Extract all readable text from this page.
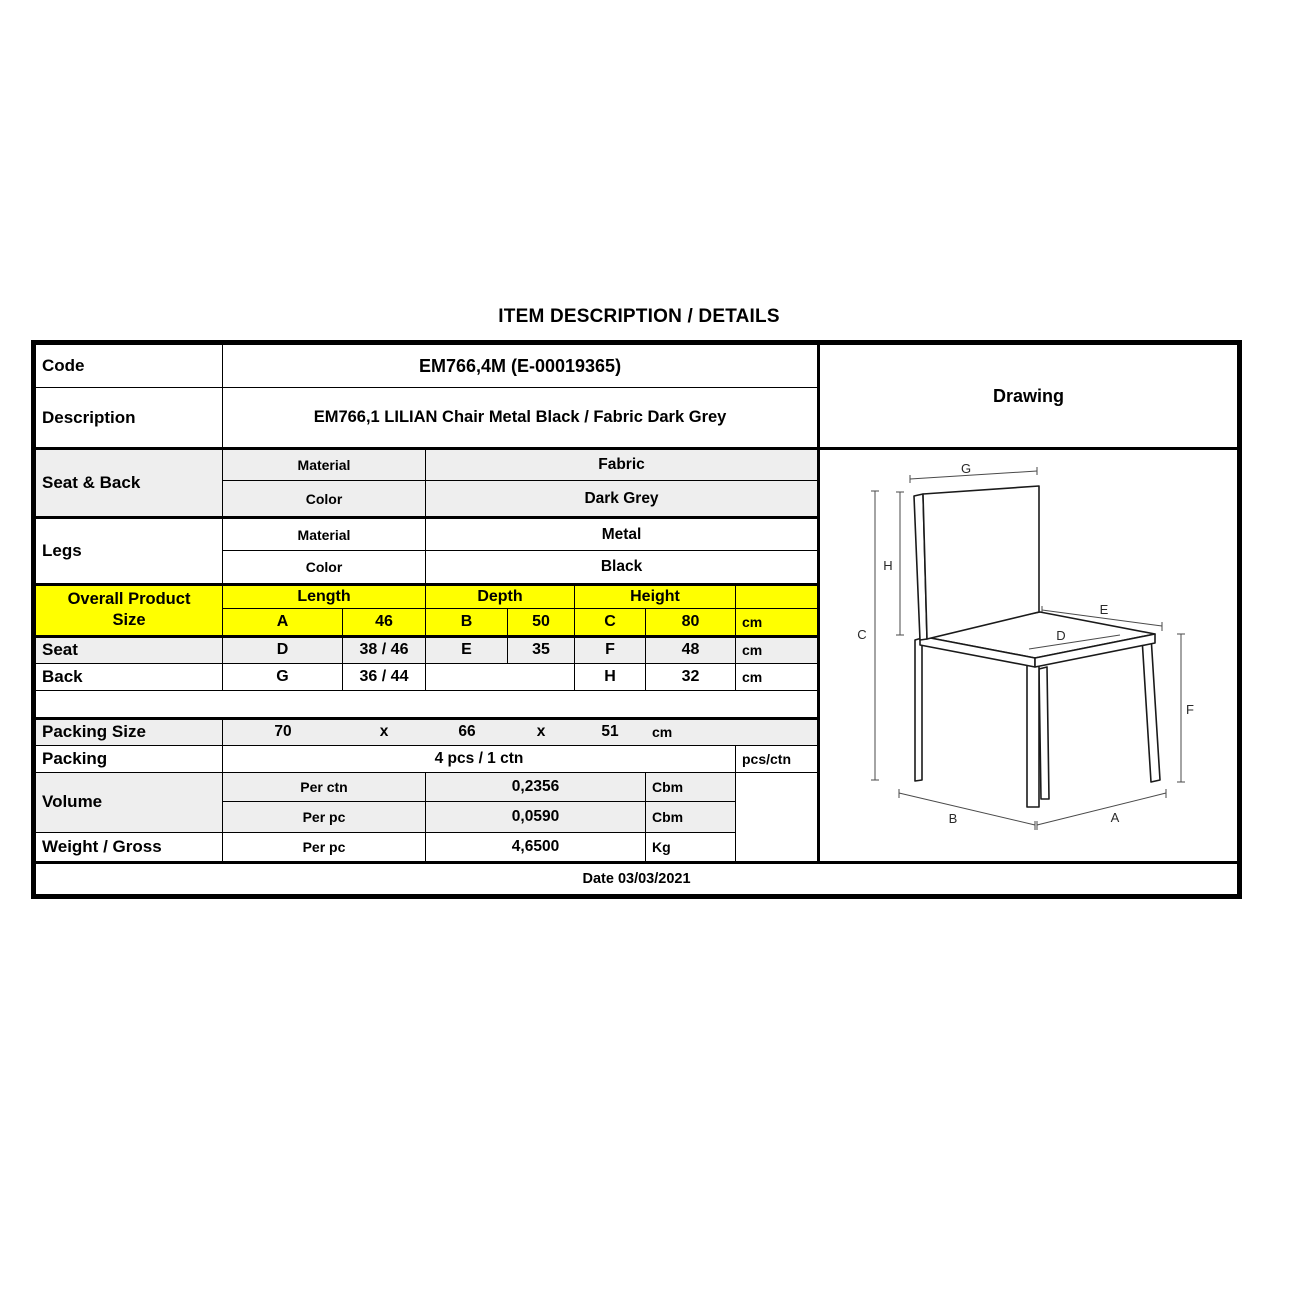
ITEM DESCRIPTION / DETAILS
Code	EM766,4M (E-00019365)							Drawing
Description	EM766,1 LILIAN Chair Metal Black / Fabric Dark Grey							
Seat & Back	Material	Fabric	G
H
C
E
D
F
B	A

	Color		Dark Grey					
Legs	Material		Metal					
	Color		Black					
Overall Product
Size	Length		Depth		Height			
	A	46	B	50	C	80	cm	
Seat	D	38 / 46	E	35	F	48	cm	
Back	G	36 / 44			H	32	cm	

Packing Size	70	x	66	x	51 cm

Packing	4 pcs / 1 ctn						pcs/ctn	
Volume	Per ctn		0,2356			Cbm		
	Per pc		0,0590			Cbm		
Weight / Gross	Per pc		4,6500			Kg		
Date 03/03/2021								
